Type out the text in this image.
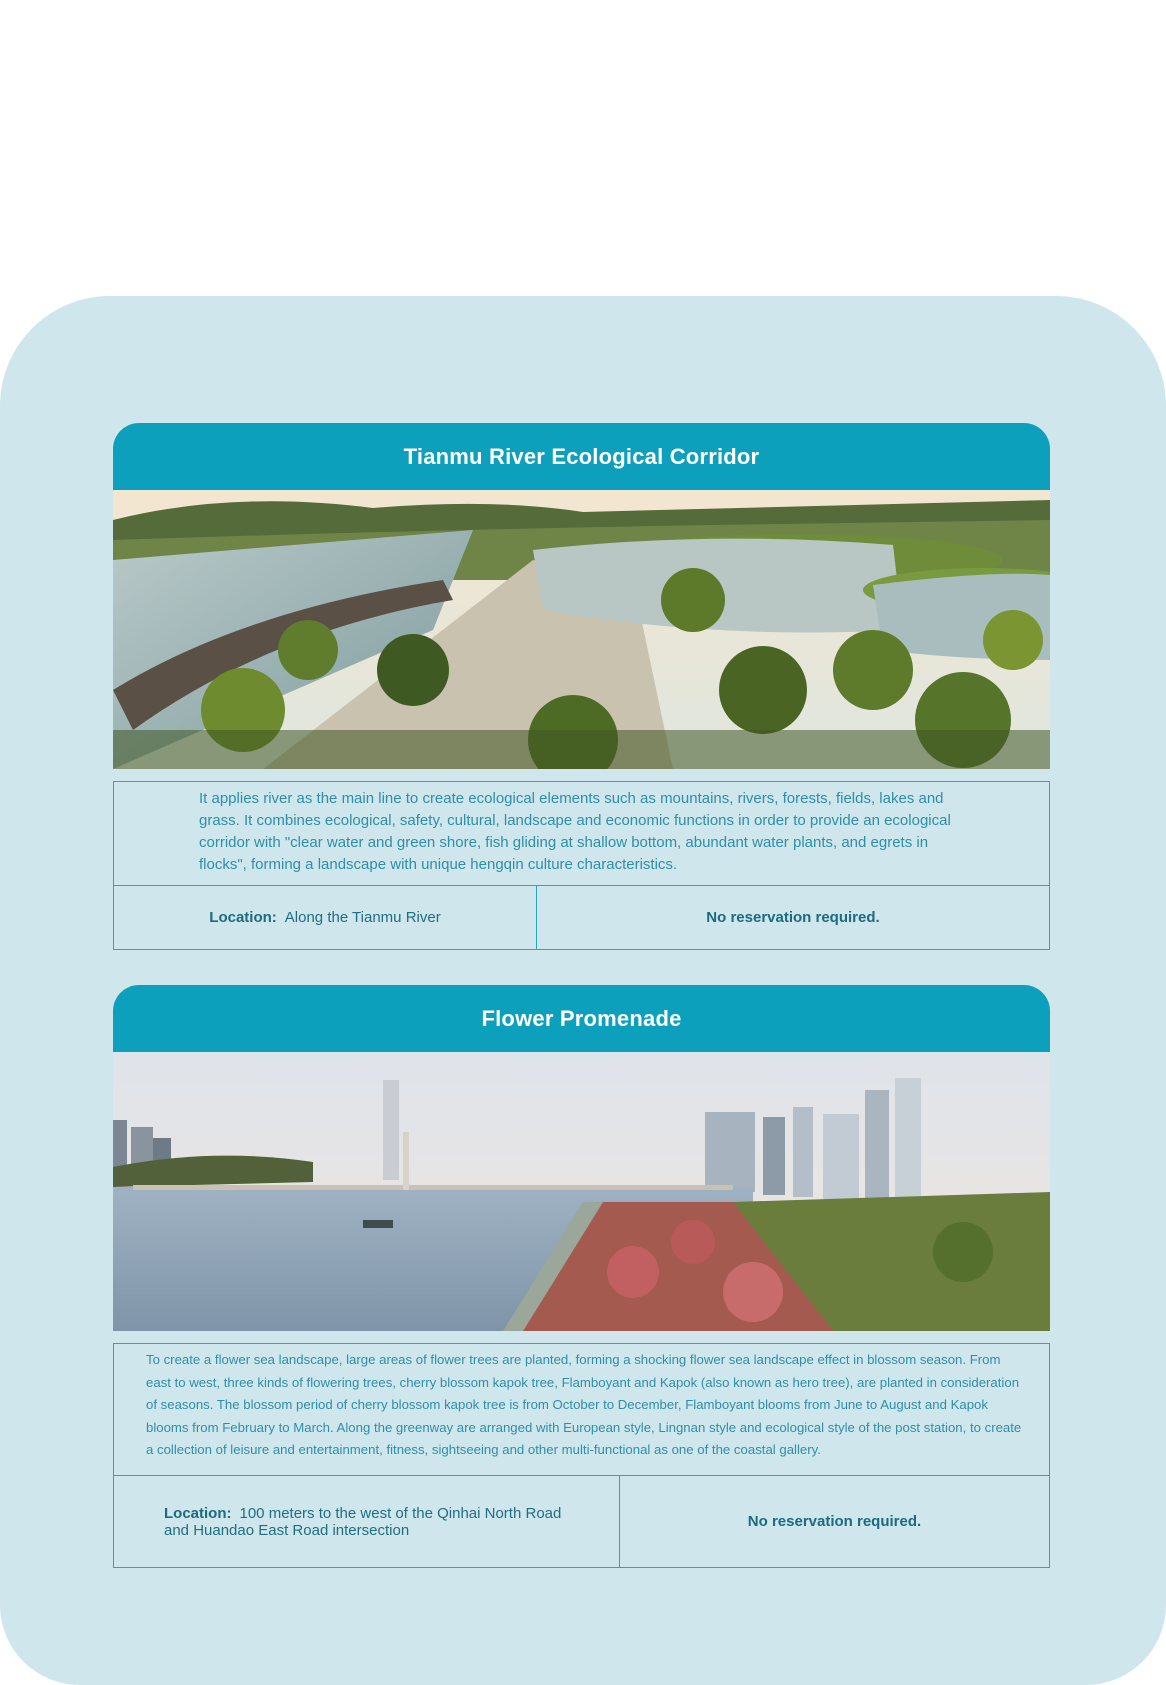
Tianmu River Ecological Corridor
It applies river as the main line to create ecological elements such as mountains, rivers, forests, fields, lakes and grass. It combines ecological, safety, cultural, landscape and economic functions in order to provide an ecological corridor with "clear water and green shore, fish gliding at shallow bottom, abundant water plants, and egrets in flocks", forming a landscape with unique hengqin culture characteristics.
Location: Along the Tianmu River	No reservation required.
Flower Promenade
To create a flower sea landscape, large areas of flower trees are planted, forming a shocking flower sea landscape effect in blossom season. From east to west, three kinds of flowering trees, cherry blossom kapok tree, Flamboyant and Kapok (also known as hero tree), are planted in consideration of seasons. The blossom period of cherry blossom kapok tree is from October to December, Flamboyant blooms from June to August and Kapok blooms from February to March. Along the greenway are arranged with European style, Lingnan style and ecological style of the post station, to create a collection of leisure and entertainment, fitness, sightseeing and other multi-functional as one of the coastal gallery.
Location: 100 meters to the west of the Qinhai North Road and Huandao East Road intersection	No reservation required.
